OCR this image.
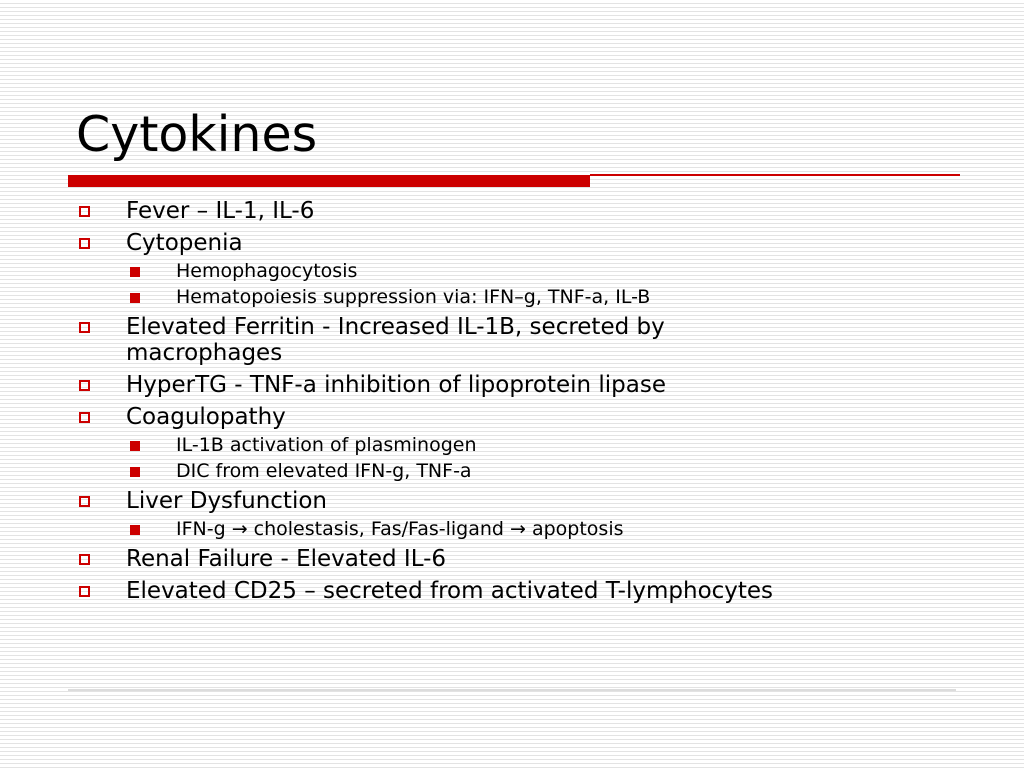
Cytokines
Fever – IL-1, IL-6
Cytopenia
Hemophagocytosis
Hematopoiesis suppression via: IFN–g, TNF-a, IL-B
Elevated Ferritin - Increased IL-1B, secreted by macrophages
HyperTG - TNF-a inhibition of lipoprotein lipase
Coagulopathy
IL-1B activation of plasminogen
DIC from elevated IFN-g, TNF-a
Liver Dysfunction
IFN-g → cholestasis, Fas/Fas-ligand → apoptosis
Renal Failure - Elevated IL-6
Elevated CD25 – secreted from activated T-lymphocytes
